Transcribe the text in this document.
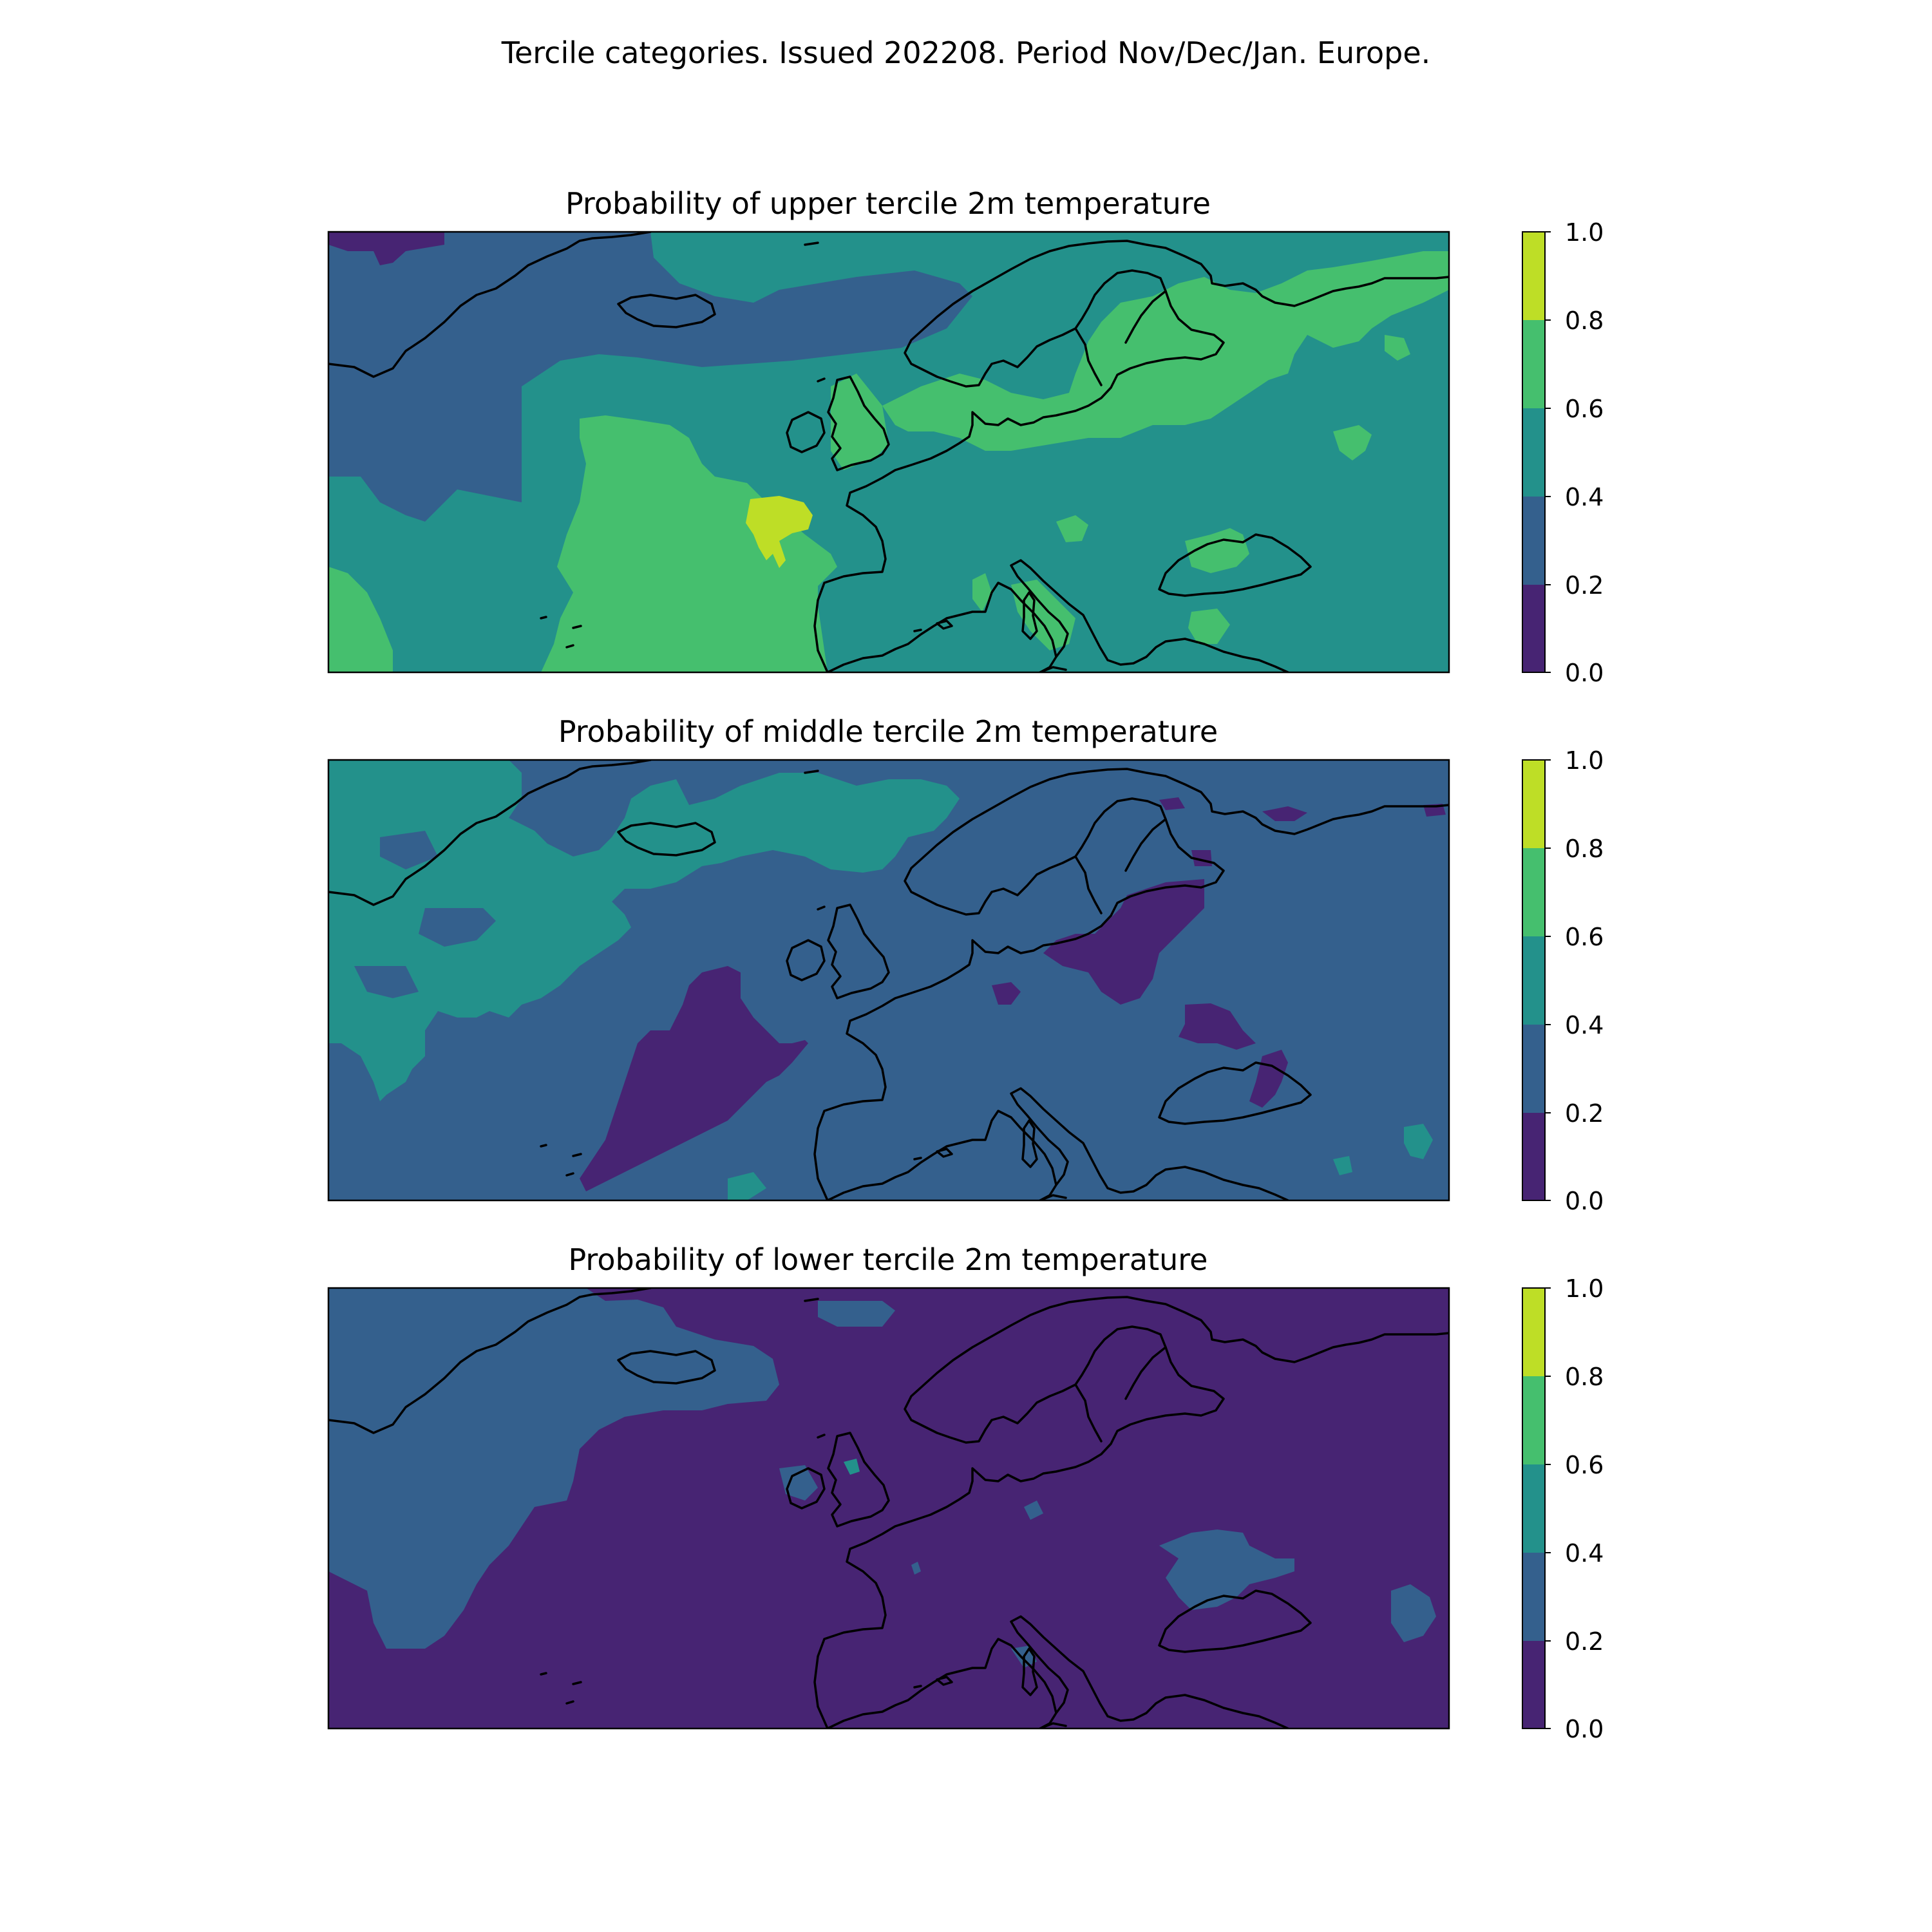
Tercile categories. Issued 202208. Period Nov/Dec/Jan. Europe.
Probability of upper tercile 2m temperature
1.0
0.8
0.6
0.4
0.2
0.0
Probability of middle tercile 2m temperature
1.0
0.8
0.6
0.4
0.2
0.0
Probability of lower tercile 2m temperature
1.0
0.8
0.6
0.4
0.2
0.0
